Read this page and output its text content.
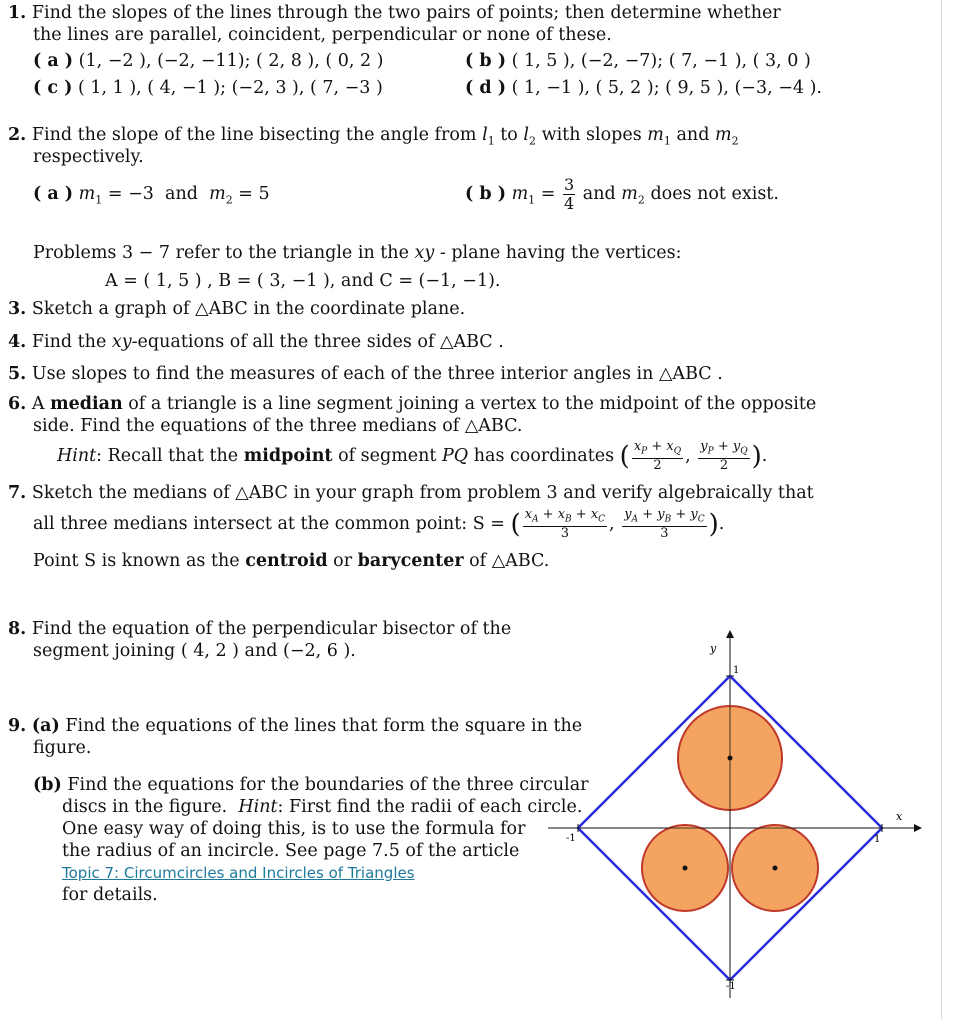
1. Find the slopes of the lines through the two pairs of points; then determine whether
the lines are parallel, coincident, perpendicular or none of these.
( a ) (1, −2 ), (−2, −11); ( 2, 8 ), ( 0, 2 )	( b ) ( 1, 5 ), (−2, −7); ( 7, −1 ), ( 3, 0 )
( c ) ( 1, 1 ), ( 4, −1 ); (−2, 3 ), ( 7, −3 )	( d ) ( 1, −1 ), ( 5, 2 ); ( 9, 5 ), (−3, −4 ).
2. Find the slope of the line bisecting the angle from $l_1$ to $l_2$ with slopes $m_1$ and $m_2$
respectively.
( a ) $m_1 = -3$ and $m_2 = 5$	( b ) $m_1 = \frac{3}{4}$ and $m_2$ does not exist.
Problems 3 − 7 refer to the triangle in the xy - plane having the vertices:
A = ( 1, 5 ) , B = ( 3, −1 ), and C = (−1, −1).
3. Sketch a graph of △ABC in the coordinate plane.
4. Find the xy-equations of all the three sides of △ABC .
5. Use slopes to find the measures of each of the three interior angles in △ABC .
6. A median of a triangle is a line segment joining a vertex to the midpoint of the opposite
side. Find the equations of the three medians of △ABC.
Hint: Recall that the midpoint of segment PQ has coordinates ( $\frac{x_P + x_Q}{2}$ , $\frac{y_P + y_Q}{2}$ ).
7. Sketch the medians of △ABC in your graph from problem 3 and verify algebraically that
all three medians intersect at the common point: S = ( $\frac{x_A + x_B + x_C}{3}$ , $\frac{y_A + y_B + y_C}{3}$ ).
Point S is known as the centroid or barycenter of △ABC.
8. Find the equation of the perpendicular bisector of the
segment joining ( 4, 2 ) and (−2, 6 ).
9. (a) Find the equations of the lines that form the square in the
figure.
(b) Find the equations for the boundaries of the three circular
discs in the figure. Hint: First find the radii of each circle.
One easy way of doing this, is to use the formula for
the radius of an incircle. See page 7.5 of the article
Topic 7: Circumcircles and Incircles of Triangles
for details.
y
x
1
-1
-1	1
